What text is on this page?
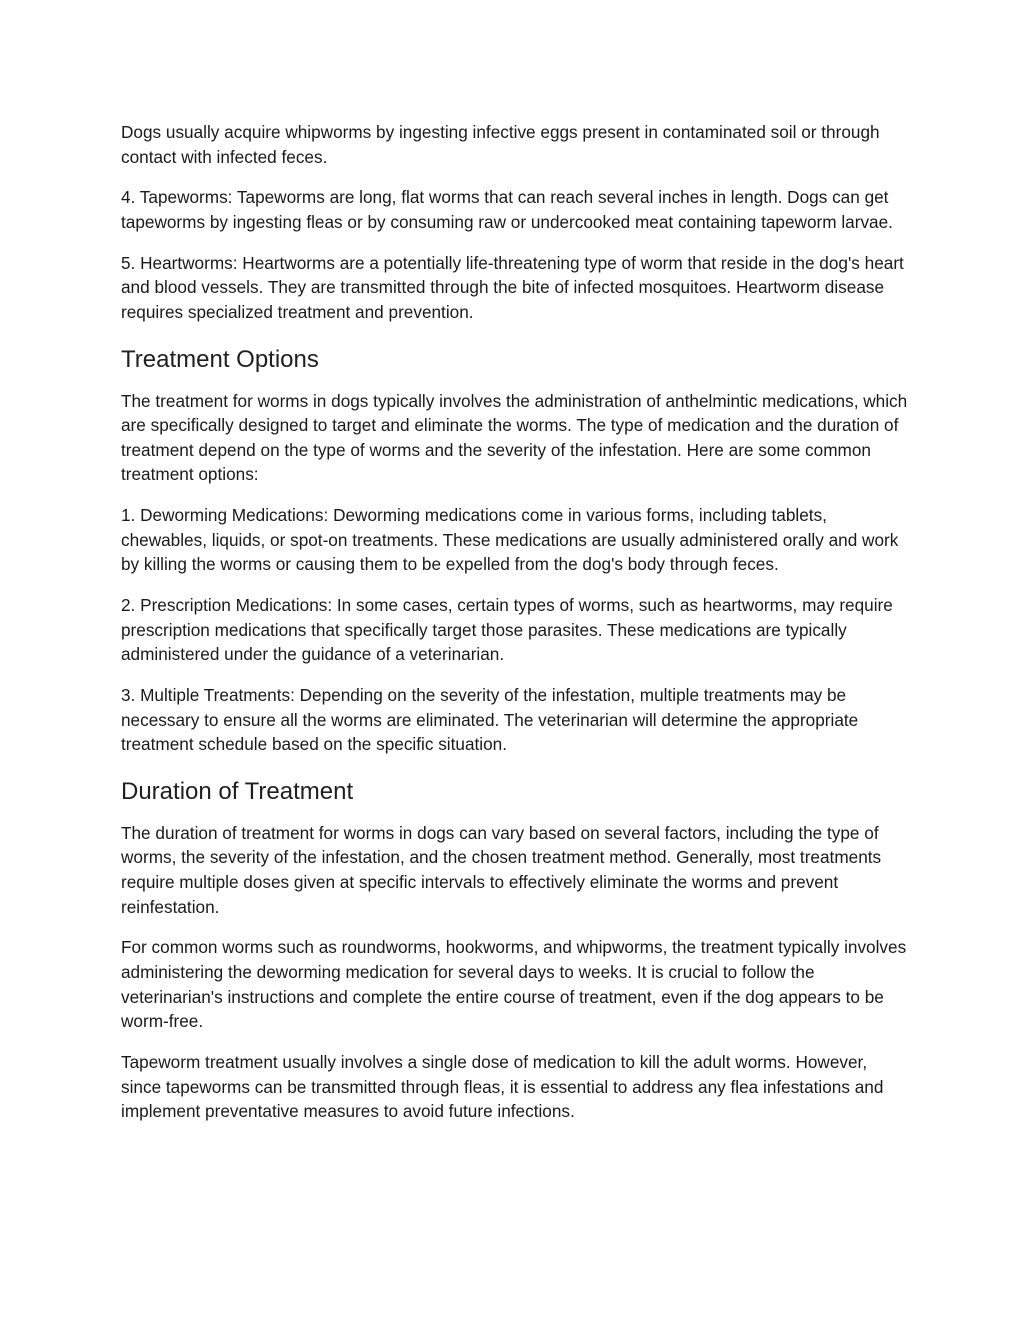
Dogs usually acquire whipworms by ingesting infective eggs present in contaminated soil or through contact with infected feces.

4. Tapeworms: Tapeworms are long, flat worms that can reach several inches in length. Dogs can get tapeworms by ingesting fleas or by consuming raw or undercooked meat containing tapeworm larvae.

5. Heartworms: Heartworms are a potentially life-threatening type of worm that reside in the dog's heart and blood vessels. They are transmitted through the bite of infected mosquitoes. Heartworm disease requires specialized treatment and prevention.

Treatment Options

The treatment for worms in dogs typically involves the administration of anthelmintic medications, which are specifically designed to target and eliminate the worms. The type of medication and the duration of treatment depend on the type of worms and the severity of the infestation. Here are some common treatment options:

1. Deworming Medications: Deworming medications come in various forms, including tablets, chewables, liquids, or spot-on treatments. These medications are usually administered orally and work by killing the worms or causing them to be expelled from the dog's body through feces.

2. Prescription Medications: In some cases, certain types of worms, such as heartworms, may require prescription medications that specifically target those parasites. These medications are typically administered under the guidance of a veterinarian.

3. Multiple Treatments: Depending on the severity of the infestation, multiple treatments may be necessary to ensure all the worms are eliminated. The veterinarian will determine the appropriate treatment schedule based on the specific situation.

Duration of Treatment

The duration of treatment for worms in dogs can vary based on several factors, including the type of worms, the severity of the infestation, and the chosen treatment method. Generally, most treatments require multiple doses given at specific intervals to effectively eliminate the worms and prevent reinfestation.

For common worms such as roundworms, hookworms, and whipworms, the treatment typically involves administering the deworming medication for several days to weeks. It is crucial to follow the veterinarian's instructions and complete the entire course of treatment, even if the dog appears to be worm-free.

Tapeworm treatment usually involves a single dose of medication to kill the adult worms. However, since tapeworms can be transmitted through fleas, it is essential to address any flea infestations and implement preventative measures to avoid future infections.
